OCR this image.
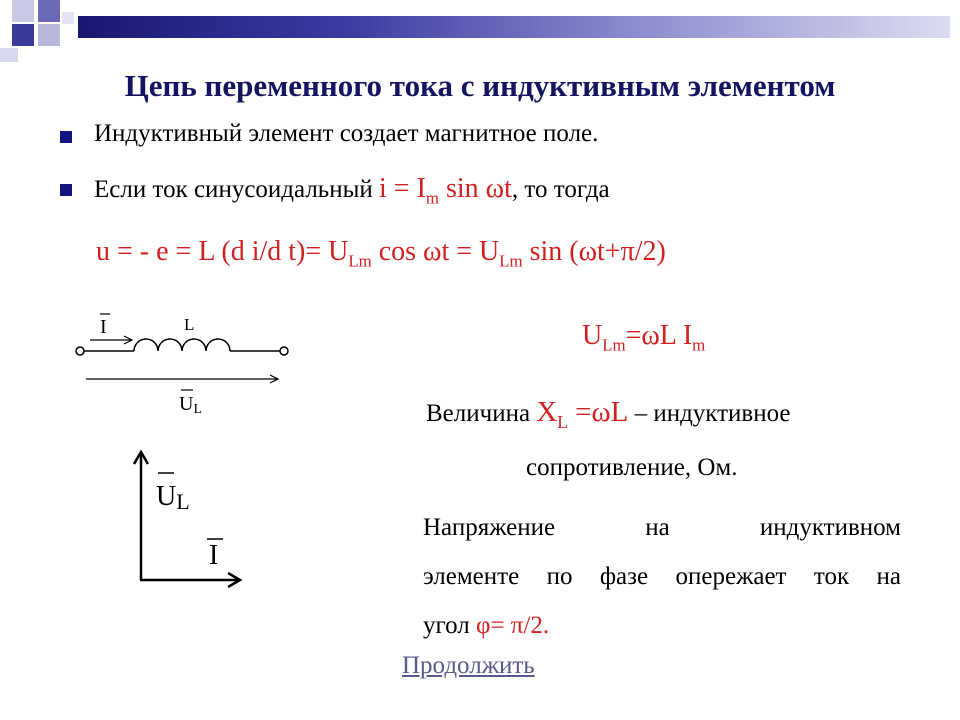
Цепь переменного тока с индуктивным элементом
Индуктивный элемент создает магнитное поле.
Если ток синусоидальный $i = I_m$ sin ωt, то тогда
u = - e = L (d i/d $t)= U_{Lm}$ $\cos \omega t = U_{Lm}$ sin (ωt+π/2)
I	L
UL
UL
I
$U_{Lm}=\omega L$ $I_m$
Величина $X_L =\omega L$ – индуктивное
сопротивление, Ом.
Напряжение на индуктивном
элементе по фазе опережает ток на
угол φ= π/2.
Продолжить
